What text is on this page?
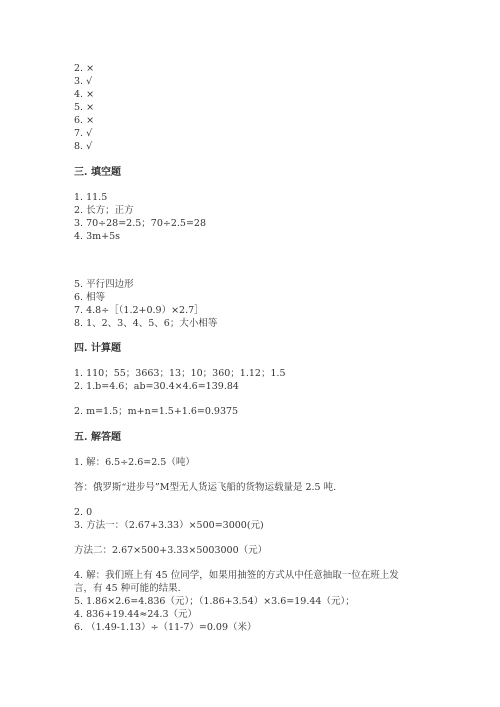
2. ×
3. √
4. ×
5. ×
6. ×
7. √
8. √
三. 填空题
1. 11.5
2. 长方；正方
3. 70÷28=2.5；70÷2.5=28
4. 3m+5s
5. 平行四边形
6. 相等
7. 4.8÷［（1.2+0.9）×2.7］
8. 1、2、3、4、5、6；大小相等
四. 计算题
1. 110；55；3663；13；10；360；1.12；1.5
2. 1.b=4.6；ab=30.4×4.6=139.84
2. m=1.5；m+n=1.5+1.6=0.9375
五. 解答题
1. 解：6.5÷2.6=2.5（吨）
答：俄罗斯“进步号”M型无人货运飞船的货物运载量是 2.5 吨.
2. 0
3. 方法一：（2.67+3.33）×500=3000(元)
方法二：2.67×500+3.33×5003000（元）
4. 解：我们班上有 45 位同学，如果用抽签的方式从中任意抽取一位在班上发
言，有 45 种可能的结果.
5. 1.86×2.6=4.836（元）；（1.86+3.54）×3.6=19.44（元）；
4. 836+19.44≈24.3（元）
6. （1.49-1.13）÷（11-7）=0.09（米）
